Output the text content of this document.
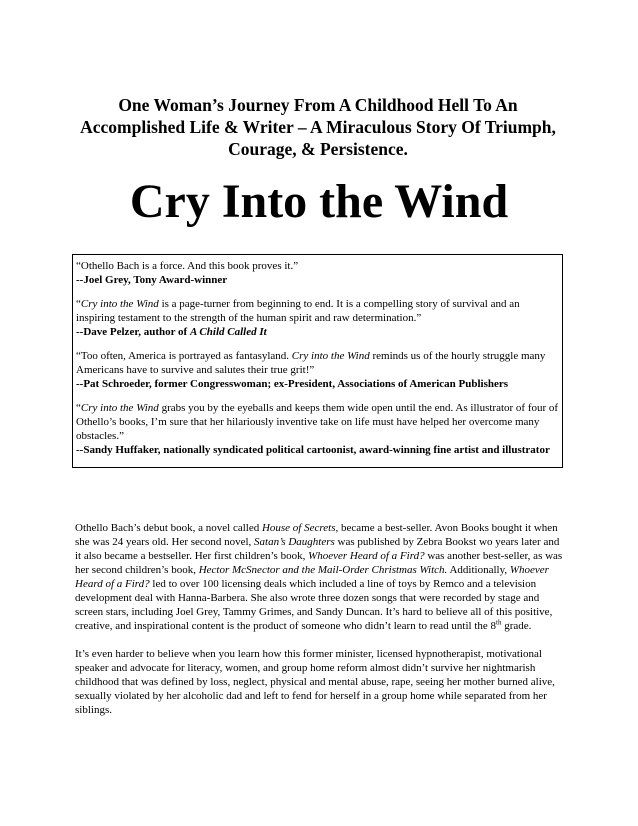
One Woman’s Journey From A Childhood Hell To An Accomplished Life & Writer – A Miraculous Story Of Triumph, Courage, & Persistence.
Cry Into the Wind

“Othello Bach is a force. And this book proves it.”

--Joel Grey, Tony Award-winner

“Cry into the Wind is a page-turner from beginning to end. It is a compelling story of survival and an inspiring testament to the strength of the human spirit and raw determination.”

--Dave Pelzer, author of A Child Called It

“Too often, America is portrayed as fantasyland. Cry into the Wind reminds us of the hourly struggle many Americans have to survive and salutes their true grit!”

--Pat Schroeder, former Congresswoman; ex-President, Associations of American Publishers

“Cry into the Wind grabs you by the eyeballs and keeps them wide open until the end. As illustrator of four of Othello’s books, I’m sure that her hilariously inventive take on life must have helped her overcome many obstacles.”

--Sandy Huffaker, nationally syndicated political cartoonist, award-winning fine artist and illustrator

Othello Bach’s debut book, a novel called House of Secrets, became a best-seller. Avon Books bought it when she was 24 years old. Her second novel, Satan’s Daughters was published by Zebra Bookst wo years later and it also became a bestseller. Her first children’s book, Whoever Heard of a Fird? was another best-seller, as was her second children’s book, Hector McSnector and the Mail-Order Christmas Witch. Additionally, Whoever Heard of a Fird? led to over 100 licensing deals which included a line of toys by Remco and a television development deal with Hanna-Barbera. She also wrote three dozen songs that were recorded by stage and screen stars, including Joel Grey, Tammy Grimes, and Sandy Duncan. It’s hard to believe all of this positive, creative, and inspirational content is the product of someone who didn’t learn to read until the 8th grade.

It’s even harder to believe when you learn how this former minister, licensed hypnotherapist, motivational speaker and advocate for literacy, women, and group home reform almost didn’t survive her nightmarish childhood that was defined by loss, neglect, physical and mental abuse, rape, seeing her mother burned alive, sexually violated by her alcoholic dad and left to fend for herself in a group home while separated from her siblings.
